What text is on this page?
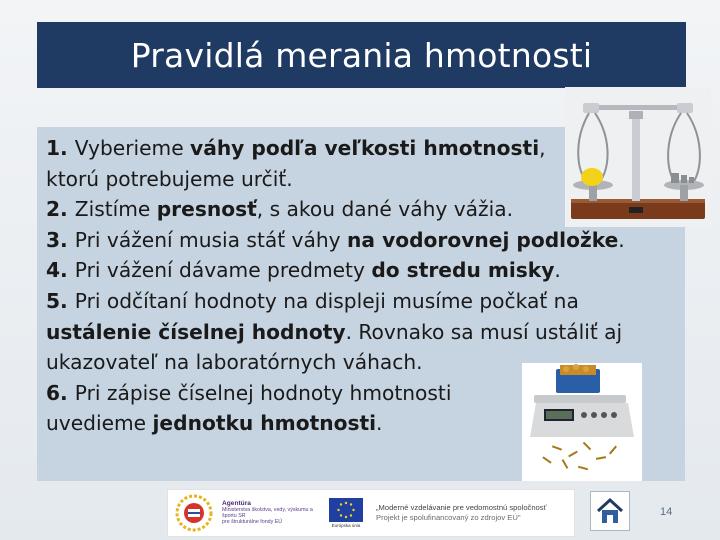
Pravidlá merania hmotnosti
1. Vyberieme váhy podľa veľkosti hmotnosti,
ktorú potrebujeme určiť.
2. Zistíme presnosť, s akou dané váhy vážia.
3. Pri vážení musia stáť váhy na vodorovnej podložke.
4. Pri vážení dávame predmety do stredu misky.
5. Pri odčítaní hodnoty na displeji musíme počkať na
ustálenie číselnej hodnoty. Rovnako sa musí ustáliť aj
ukazovateľ na laboratórnych váhach.
6. Pri zápise číselnej hodnoty hmotnosti
uvedieme jednotku hmotnosti.
Agentúra
Ministerstva školstva, vedy, výskumu a športu SR
pre štrukturálne fondy EÚ
Európska únia
„Moderné vzdelávanie pre vedomostnú spoločnosť
Projekt je spolufinancovaný zo zdrojov EÚ"	14
